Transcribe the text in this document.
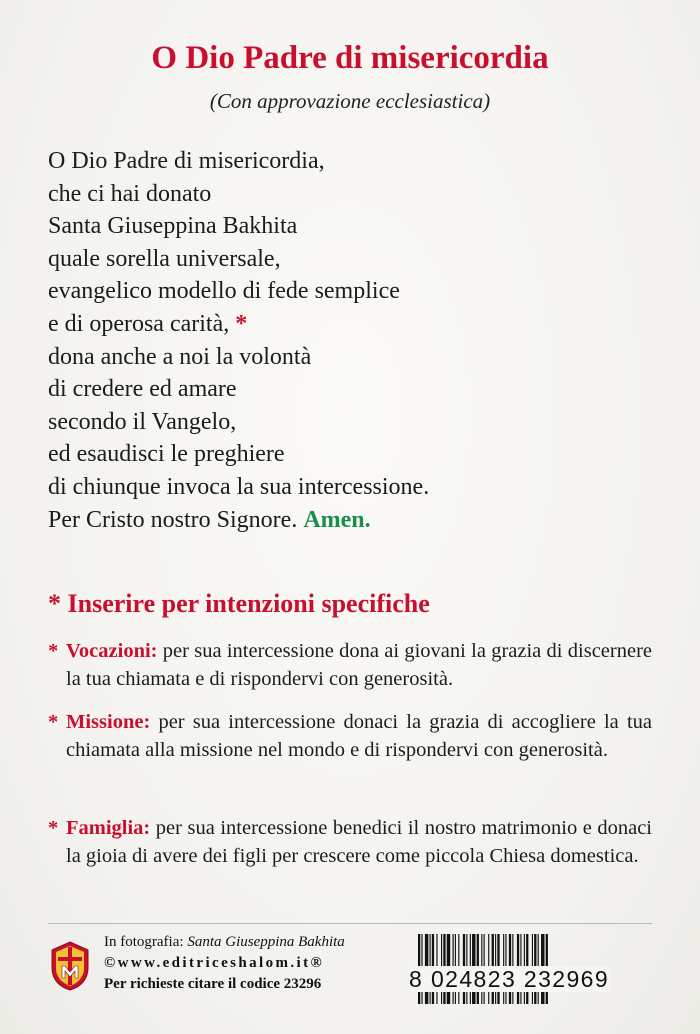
O Dio Padre di misericordia
(Con approvazione ecclesiastica)
O Dio Padre di misericordia,
che ci hai donato
Santa Giuseppina Bakhita
quale sorella universale,
evangelico modello di fede semplice
e di operosa carità, *
dona anche a noi la volontà
di credere ed amare
secondo il Vangelo,
ed esaudisci le preghiere
di chiunque invoca la sua intercessione.
Per Cristo nostro Signore. Amen.
* Inserire per intenzioni specifiche
* Vocazioni: per sua intercessione dona ai giovani la grazia di discernere la tua chiamata e di rispondervi con generosità.
* Missione: per sua intercessione donaci la grazia di accogliere la tua chiamata alla missione nel mondo e di rispondervi con generosità.
* Famiglia: per sua intercessione benedici il nostro matrimonio e donaci la gioia di avere dei figli per crescere come piccola Chiesa domestica.
In fotografia: Santa Giuseppina Bakhita
©www.editriceshalom.it®
Per richieste citare il codice 23296	8 024823 232969
